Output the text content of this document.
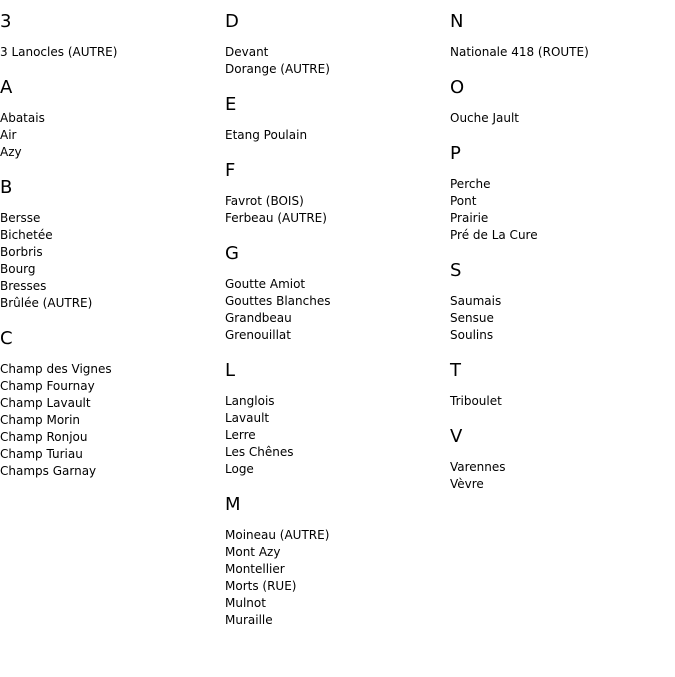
3
3 Lanocles (AUTRE)
A
Abatais
Air
Azy
B
Bersse
Bichetée
Borbris
Bourg
Bresses
Brûlée (AUTRE)
C
Champ des Vignes
Champ Fournay
Champ Lavault
Champ Morin
Champ Ronjou
Champ Turiau
Champs Garnay
D
Devant
Dorange (AUTRE)
E
Etang Poulain
F
Favrot (BOIS)
Ferbeau (AUTRE)
G
Goutte Amiot
Gouttes Blanches
Grandbeau
Grenouillat
L
Langlois
Lavault
Lerre
Les Chênes
Loge
M
Moineau (AUTRE)
Mont Azy
Montellier
Morts (RUE)
Mulnot
Muraille
N
Nationale 418 (ROUTE)
O
Ouche Jault
P
Perche
Pont
Prairie
Pré de La Cure
S
Saumais
Sensue
Soulins
T
Triboulet
V
Varennes
Vèvre
